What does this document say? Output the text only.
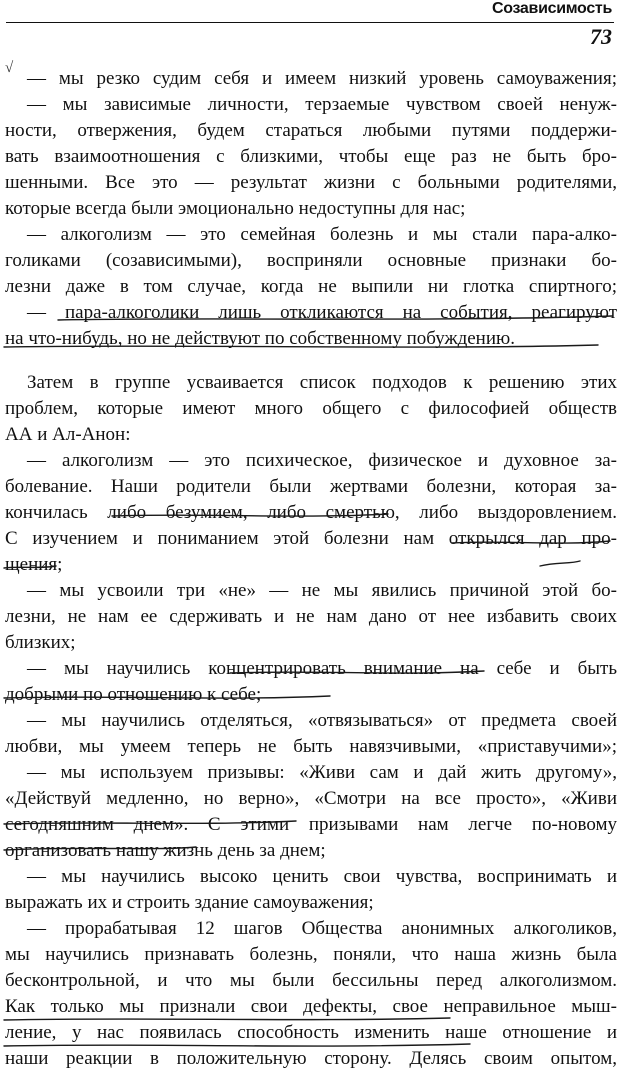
Созависимость
73
√ — мы резко судим себя и имеем низкий уровень самоуважения;
— мы зависимые личности, терзаемые чувством своей ненуж-
ности, отвержения, будем стараться любыми путями поддержи-
вать взаимоотношения с близкими, чтобы еще раз не быть бро-
шенными. Все это — результат жизни с больными родителями,
которые всегда были эмоционально недоступны для нас;
— алкоголизм — это семейная болезнь и мы стали пара-алко-
голиками (созависимыми), восприняли основные признаки бо-
лезни даже в том случае, когда не выпили ни глотка спиртного;
— пара-алкоголики лишь откликаются на события, реагируют
на что-нибудь, но не действуют по собственному побуждению.
Затем в группе усваивается список подходов к решению этих
проблем, которые имеют много общего с философией обществ
АА и Ал-Анон:
— алкоголизм — это психическое, физическое и духовное за-
болевание. Наши родители были жертвами болезни, которая за-
кончилась либо безумием, либо смертью, либо выздоровлением.
С изучением и пониманием этой болезни нам открылся дар про-
щения;
— мы усвоили три «не» — не мы явились причиной этой бо-
лезни, не нам ее сдерживать и не нам дано от нее избавить своих
близких;
— мы научились концентрировать внимание на себе и быть
добрыми по отношению к себе;
— мы научились отделяться, «отвязываться» от предмета своей
любви, мы умеем теперь не быть навязчивыми, «приставучими»;
— мы используем призывы: «Живи сам и дай жить другому»,
«Действуй медленно, но верно», «Смотри на все просто», «Живи
сегодняшним днем». С этими призывами нам легче по-новому
организовать нашу жизнь день за днем;
— мы научились высоко ценить свои чувства, воспринимать и
выражать их и строить здание самоуважения;
— прорабатывая 12 шагов Общества анонимных алкоголиков,
мы научились признавать болезнь, поняли, что наша жизнь была
бесконтрольной, и что мы были бессильны перед алкоголизмом.
Как только мы признали свои дефекты, свое неправильное мыш-
ление, у нас появилась способность изменить наше отношение и
наши реакции в положительную сторону. Делясь своим опытом,
